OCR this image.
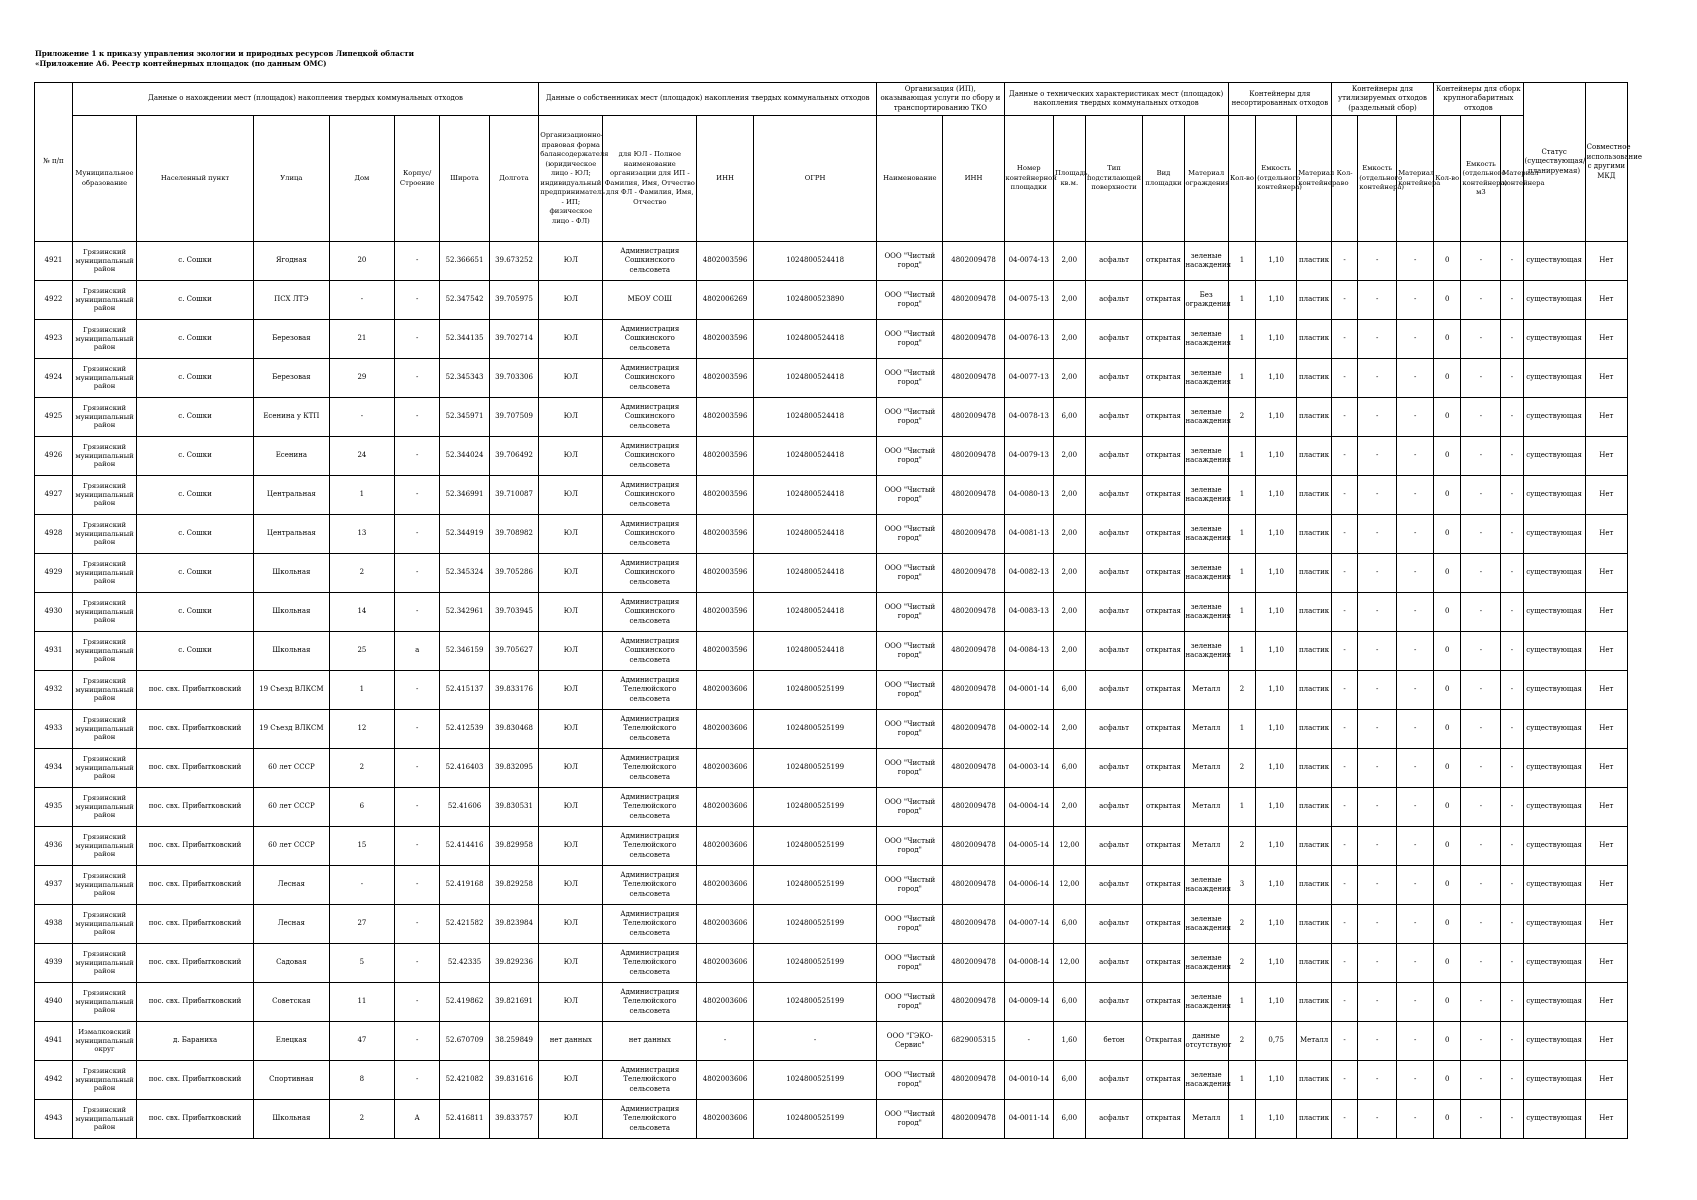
Приложение 1 к приказу управления экологии и природных ресурсов Липецкой области
«Приложение А6. Реестр контейнерных площадок (по данным ОМС)
№ п/п	Данные о нахождении мест (площадок) накопления твердых коммунальных отходов							Данные о собственниках мест (площадок) накопления твердых коммунальных отходов				Организация (ИП), оказывающая услуги по сбору и транспортированию ТКО		Данные о технических характеристиках мест (площадок) накопления твердых коммунальных отходов					Контейнеры для несортированных отходов			Контейнеры для утилизируемых отходов (раздельный сбор)			Контейнеры для сборк крупногабаритных отходов			Статус (существующая/планируемая)	Совместное использование с другими МКД
	Муниципальное образование	Населенный пункт	Улица	Дом	Корпус/Строение	Широта	Долгота	Организационно-правовая форма балансодержателя (юридическое лицо - ЮЛ; индивидуальный предприниматель - ИП; физическое лицо - ФЛ)	для ЮЛ - Полное наименование организации для ИП - Фамилия, Имя, Отчество для ФЛ - Фамилия, Имя, Отчество	ИНН	ОГРН	Наименование	ИНН	Номер контейнерной площадки	Площадь, кв.м.	Тип подстилающей поверхности	Вид площадки	Материал ограждения	Кол-во	Емкость (отдельного контейнера)	Материал контейнера	Кол-во	Емкость (отдельного контейнера)	Материал контейнера	Кол-во	Емкость (отдельного контейнера) м3	Материал контейнера		
4921	Грязинский муниципальный район	с. Сошки	Ягодная	20	-	52.366651	39.673252	ЮЛ	Администрация Сошкинского сельсовета	4802003596	1024800524418	ООО "Чистый город"	4802009478	04-0074-13	2,00	асфальт	открытая	зеленые насаждения	1	1,10	пластик	-	-	-	0	-	-	существующая	Нет
4922	Грязинский муниципальный район	с. Сошки	ПСХ ЛТЭ	-	-	52.347542	39.705975	ЮЛ	МБОУ СОШ	4802006269	1024800523890	ООО "Чистый город"	4802009478	04-0075-13	2,00	асфальт	открытая	Без ограждения	1	1,10	пластик	-	-	-	0	-	-	существующая	Нет
4923	Грязинский муниципальный район	с. Сошки	Березовая	21	-	52.344135	39.702714	ЮЛ	Администрация Сошкинского сельсовета	4802003596	1024800524418	ООО "Чистый город"	4802009478	04-0076-13	2,00	асфальт	открытая	зеленые насаждения	1	1,10	пластик	-	-	-	0	-	-	существующая	Нет
4924	Грязинский муниципальный район	с. Сошки	Березовая	29	-	52.345343	39.703306	ЮЛ	Администрация Сошкинского сельсовета	4802003596	1024800524418	ООО "Чистый город"	4802009478	04-0077-13	2,00	асфальт	открытая	зеленые насаждения	1	1,10	пластик	-	-	-	0	-	-	существующая	Нет
4925	Грязинский муниципальный район	с. Сошки	Есенина у КТП	-	-	52.345971	39.707509	ЮЛ	Администрация Сошкинского сельсовета	4802003596	1024800524418	ООО "Чистый город"	4802009478	04-0078-13	6,00	асфальт	открытая	зеленые насаждения	2	1,10	пластик	-	-	-	0	-	-	существующая	Нет
4926	Грязинский муниципальный район	с. Сошки	Есенина	24	-	52.344024	39.706492	ЮЛ	Администрация Сошкинского сельсовета	4802003596	1024800524418	ООО "Чистый город"	4802009478	04-0079-13	2,00	асфальт	открытая	зеленые насаждения	1	1,10	пластик	-	-	-	0	-	-	существующая	Нет
4927	Грязинский муниципальный район	с. Сошки	Центральная	1	-	52.346991	39.710087	ЮЛ	Администрация Сошкинского сельсовета	4802003596	1024800524418	ООО "Чистый город"	4802009478	04-0080-13	2,00	асфальт	открытая	зеленые насаждения	1	1,10	пластик	-	-	-	0	-	-	существующая	Нет
4928	Грязинский муниципальный район	с. Сошки	Центральная	13	-	52.344919	39.708982	ЮЛ	Администрация Сошкинского сельсовета	4802003596	1024800524418	ООО "Чистый город"	4802009478	04-0081-13	2,00	асфальт	открытая	зеленые насаждения	1	1,10	пластик	-	-	-	0	-	-	существующая	Нет
4929	Грязинский муниципальный район	с. Сошки	Школьная	2	-	52.345324	39.705286	ЮЛ	Администрация Сошкинского сельсовета	4802003596	1024800524418	ООО "Чистый город"	4802009478	04-0082-13	2,00	асфальт	открытая	зеленые насаждения	1	1,10	пластик	-	-	-	0	-	-	существующая	Нет
4930	Грязинский муниципальный район	с. Сошки	Школьная	14	-	52.342961	39.703945	ЮЛ	Администрация Сошкинского сельсовета	4802003596	1024800524418	ООО "Чистый город"	4802009478	04-0083-13	2,00	асфальт	открытая	зеленые насаждения	1	1,10	пластик	-	-	-	0	-	-	существующая	Нет
4931	Грязинский муниципальный район	с. Сошки	Школьная	25	а	52.346159	39.705627	ЮЛ	Администрация Сошкинского сельсовета	4802003596	1024800524418	ООО "Чистый город"	4802009478	04-0084-13	2,00	асфальт	открытая	зеленые насаждения	1	1,10	пластик	-	-	-	0	-	-	существующая	Нет
4932	Грязинский муниципальный район	пос. свх. Прибытковский	19 Съезд ВЛКСМ	1	-	52.415137	39.833176	ЮЛ	Администрация Телелюйского сельсовета	4802003606	1024800525199	ООО "Чистый город"	4802009478	04-0001-14	6,00	асфальт	открытая	Металл	2	1,10	пластик	-	-	-	0	-	-	существующая	Нет
4933	Грязинский муниципальный район	пос. свх. Прибытковский	19 Съезд ВЛКСМ	12	-	52.412539	39.830468	ЮЛ	Администрация Телелюйского сельсовета	4802003606	1024800525199	ООО "Чистый город"	4802009478	04-0002-14	2,00	асфальт	открытая	Металл	1	1,10	пластик	-	-	-	0	-	-	существующая	Нет
4934	Грязинский муниципальный район	пос. свх. Прибытковский	60 лет СССР	2	-	52.416403	39.832095	ЮЛ	Администрация Телелюйского сельсовета	4802003606	1024800525199	ООО "Чистый город"	4802009478	04-0003-14	6,00	асфальт	открытая	Металл	2	1,10	пластик	-	-	-	0	-	-	существующая	Нет
4935	Грязинский муниципальный район	пос. свх. Прибытковский	60 лет СССР	6	-	52.41606	39.830531	ЮЛ	Администрация Телелюйского сельсовета	4802003606	1024800525199	ООО "Чистый город"	4802009478	04-0004-14	2,00	асфальт	открытая	Металл	1	1,10	пластик	-	-	-	0	-	-	существующая	Нет
4936	Грязинский муниципальный район	пос. свх. Прибытковский	60 лет СССР	15	-	52.414416	39.829958	ЮЛ	Администрация Телелюйского сельсовета	4802003606	1024800525199	ООО "Чистый город"	4802009478	04-0005-14	12,00	асфальт	открытая	Металл	2	1,10	пластик	-	-	-	0	-	-	существующая	Нет
4937	Грязинский муниципальный район	пос. свх. Прибытковский	Лесная	-	-	52.419168	39.829258	ЮЛ	Администрация Телелюйского сельсовета	4802003606	1024800525199	ООО "Чистый город"	4802009478	04-0006-14	12,00	асфальт	открытая	зеленые насаждения	3	1,10	пластик	-	-	-	0	-	-	существующая	Нет
4938	Грязинский муниципальный район	пос. свх. Прибытковский	Лесная	27	-	52.421582	39.823984	ЮЛ	Администрация Телелюйского сельсовета	4802003606	1024800525199	ООО "Чистый город"	4802009478	04-0007-14	6,00	асфальт	открытая	зеленые насаждения	2	1,10	пластик	-	-	-	0	-	-	существующая	Нет
4939	Грязинский муниципальный район	пос. свх. Прибытковский	Садовая	5	-	52.42335	39.829236	ЮЛ	Администрация Телелюйского сельсовета	4802003606	1024800525199	ООО "Чистый город"	4802009478	04-0008-14	12,00	асфальт	открытая	зеленые насаждения	2	1,10	пластик	-	-	-	0	-	-	существующая	Нет
4940	Грязинский муниципальный район	пос. свх. Прибытковский	Советская	11	-	52.419862	39.821691	ЮЛ	Администрация Телелюйского сельсовета	4802003606	1024800525199	ООО "Чистый город"	4802009478	04-0009-14	6,00	асфальт	открытая	зеленые насаждения	1	1,10	пластик	-	-	-	0	-	-	существующая	Нет
4941	Измалковский муниципальный округ	д. Бараниха	Елецкая	47	-	52.670709	38.259849	нет данных	нет данных	-	-	ООО "ГЭКО-Сервис"	6829005315	-	1,60	бетон	Открытая	данные отсутствуют	2	0,75	Металл	-	-	-	0	-	-	существующая	Нет
4942	Грязинский муниципальный район	пос. свх. Прибытковский	Спортивная	8	-	52.421082	39.831616	ЮЛ	Администрация Телелюйского сельсовета	4802003606	1024800525199	ООО "Чистый город"	4802009478	04-0010-14	6,00	асфальт	открытая	зеленые насаждения	1	1,10	пластик	-	-	-	0	-	-	существующая	Нет
4943	Грязинский муниципальный район	пос. свх. Прибытковский	Школьная	2	А	52.416811	39.833757	ЮЛ	Администрация Телелюйского сельсовета	4802003606	1024800525199	ООО "Чистый город"	4802009478	04-0011-14	6,00	асфальт	открытая	Металл	1	1,10	пластик	-	-	-	0	-	-	существующая	Нет
